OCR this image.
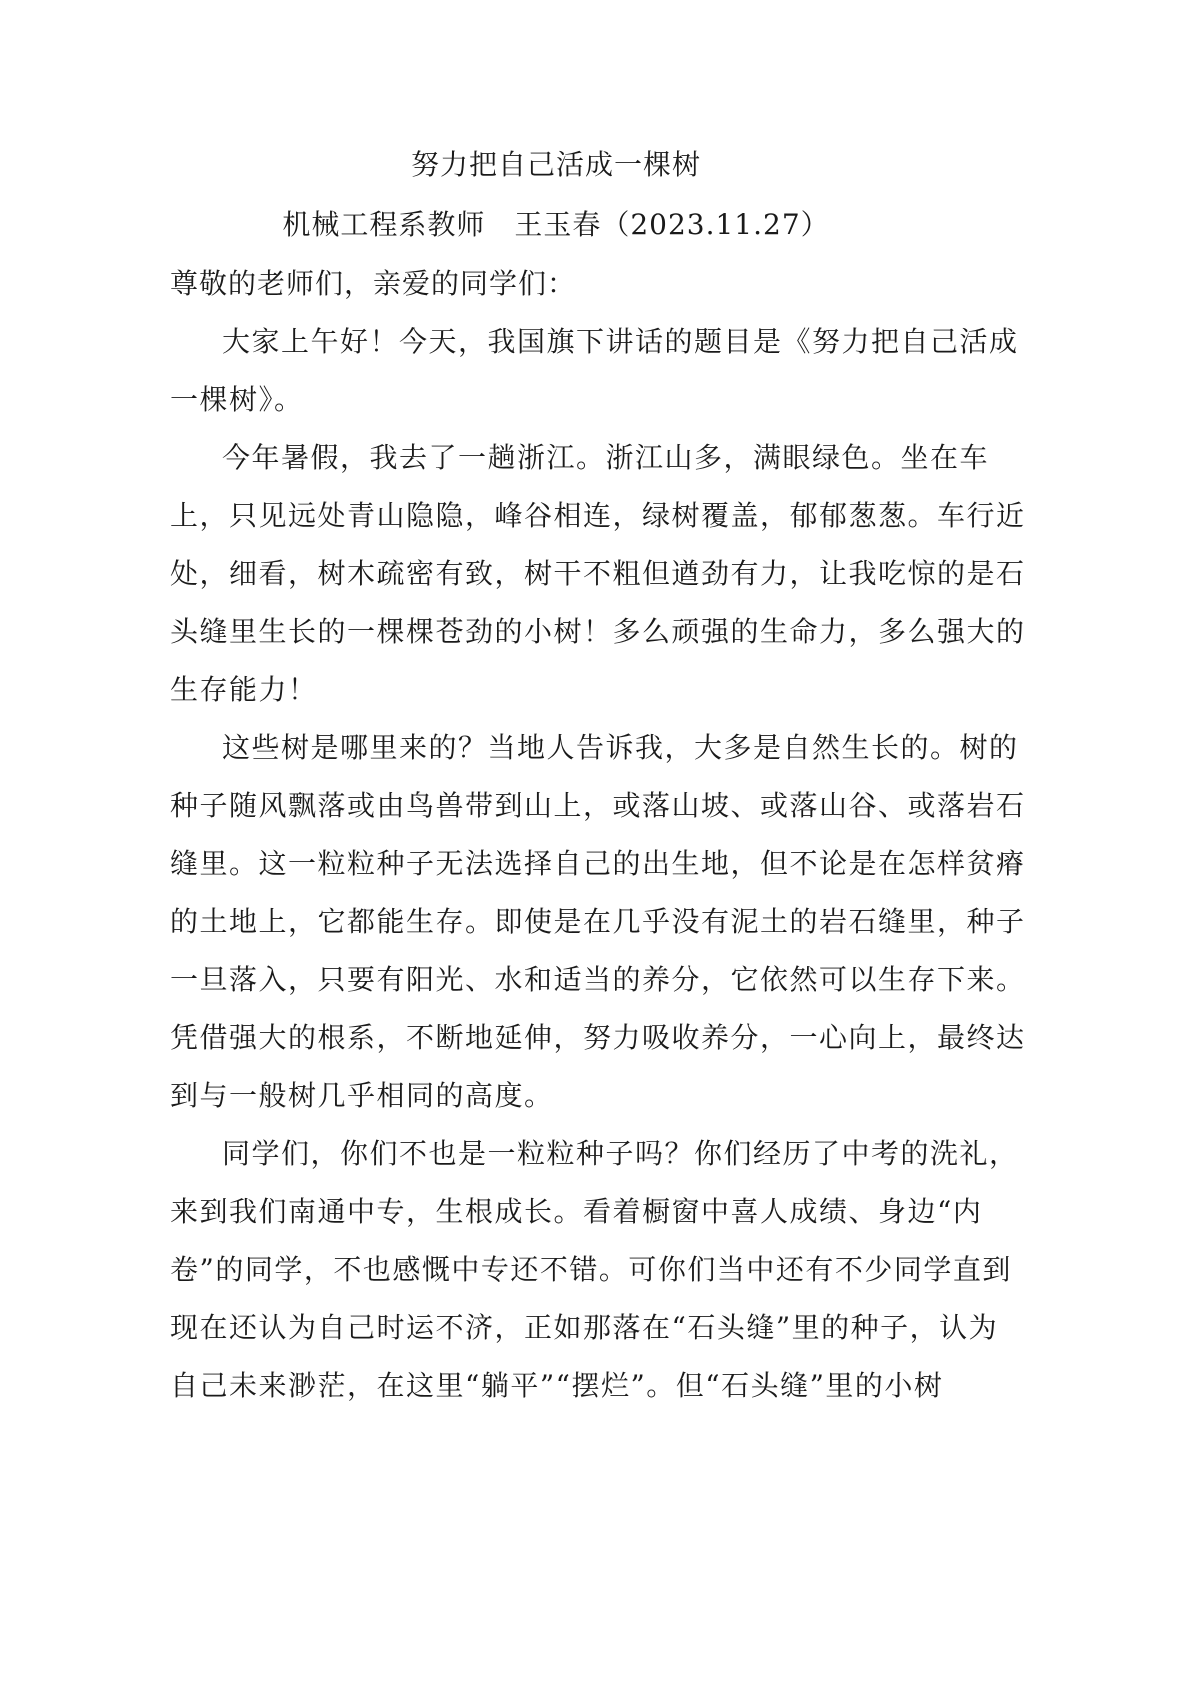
努力把自己活成一棵树
机械工程系教师　王玉春（2023.11.27）
尊敬的老师们，亲爱的同学们：
大家上午好！今天，我国旗下讲话的题目是《努力把自己活成
一棵树》。
今年暑假，我去了一趟浙江。浙江山多，满眼绿色。坐在车
上，只见远处青山隐隐，峰谷相连，绿树覆盖，郁郁葱葱。车行近
处，细看，树木疏密有致，树干不粗但遒劲有力，让我吃惊的是石
头缝里生长的一棵棵苍劲的小树！多么顽强的生命力，多么强大的
生存能力！
这些树是哪里来的？当地人告诉我，大多是自然生长的。树的
种子随风飘落或由鸟兽带到山上，或落山坡、或落山谷、或落岩石
缝里。这一粒粒种子无法选择自己的出生地，但不论是在怎样贫瘠
的土地上，它都能生存。即使是在几乎没有泥土的岩石缝里，种子
一旦落入，只要有阳光、水和适当的养分，它依然可以生存下来。
凭借强大的根系，不断地延伸，努力吸收养分，一心向上，最终达
到与一般树几乎相同的高度。
同学们，你们不也是一粒粒种子吗？你们经历了中考的洗礼，
来到我们南通中专，生根成长。看着橱窗中喜人成绩、身边“内
卷”的同学，不也感慨中专还不错。可你们当中还有不少同学直到
现在还认为自己时运不济，正如那落在“石头缝”里的种子，认为
自己未来渺茫，在这里“躺平”“摆烂”。但“石头缝”里的小树
